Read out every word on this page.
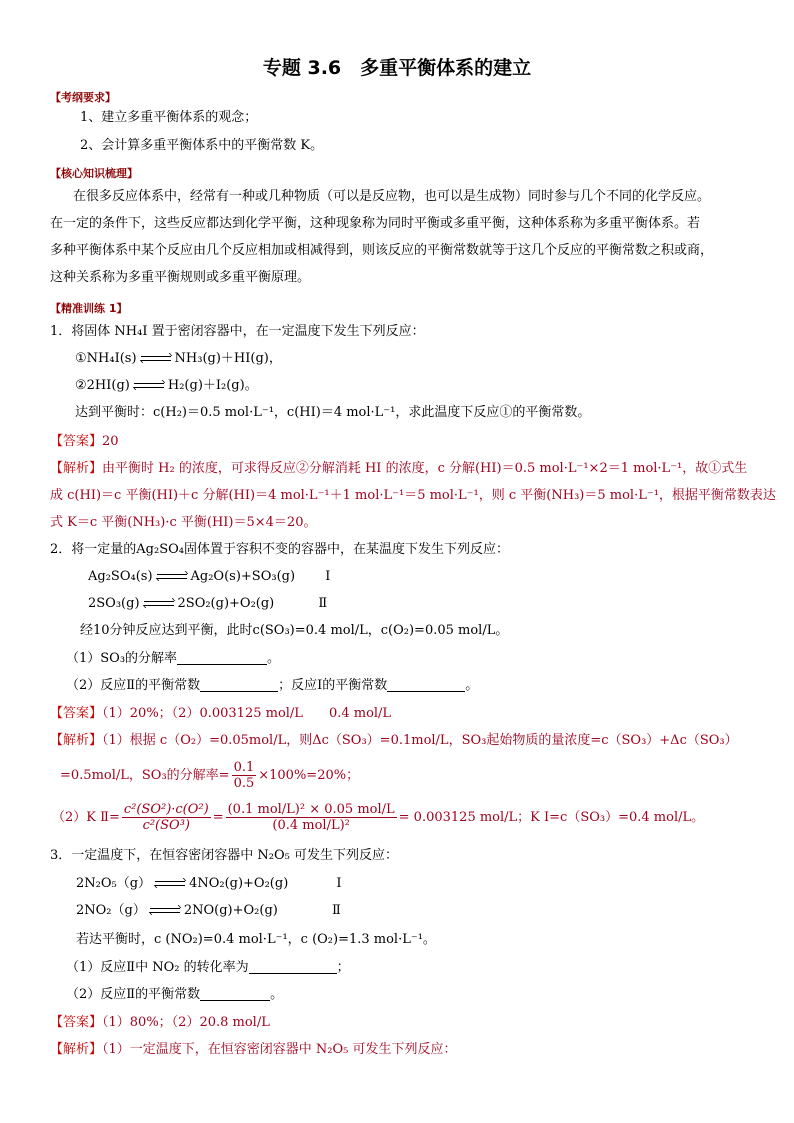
专题 3.6　多重平衡体系的建立
【考纲要求】
1、建立多重平衡体系的观念；
2、会计算多重平衡体系中的平衡常数 K。
【核心知识梳理】
在很多反应体系中，经常有一种或几种物质（可以是反应物，也可以是生成物）同时参与几个不同的化学反应。
在一定的条件下，这些反应都达到化学平衡，这种现象称为同时平衡或多重平衡，这种体系称为多重平衡体系。若
多种平衡体系中某个反应由几个反应相加或相减得到，则该反应的平衡常数就等于这几个反应的平衡常数之积或商，
这种关系称为多重平衡规则或多重平衡原理。
【精准训练 1】
1．将固体 NH₄I 置于密闭容器中，在一定温度下发生下列反应：
①NH₄I(s)	NH₃(g)＋HI(g)，
②2HI(g)	H₂(g)＋I₂(g)。
达到平衡时：c(H₂)＝0.5 mol·L⁻¹，c(HI)＝4 mol·L⁻¹，求此温度下反应①的平衡常数。
【答案】20
【解析】由平衡时 H₂ 的浓度，可求得反应②分解消耗 HI 的浓度，c 分解(HI)＝0.5 mol·L⁻¹×2＝1 mol·L⁻¹，故①式生
成 c(HI)＝c 平衡(HI)＋c 分解(HI)＝4 mol·L⁻¹＋1 mol·L⁻¹＝5 mol·L⁻¹，则 c 平衡(NH₃)＝5 mol·L⁻¹，根据平衡常数表达
式 K＝c 平衡(NH₃)·c 平衡(HI)＝5×4＝20。
2．将一定量的Ag₂SO₄固体置于容积不变的容器中，在某温度下发生下列反应：
Ag₂SO₄(s)	Ag₂O(s)+SO₃(g) Ⅰ
2SO₃(g)	2SO₂(g)+O₂(g)	Ⅱ
经10分钟反应达到平衡，此时c(SO₃)=0.4 mol/L，c(O₂)=0.05 mol/L。
（1）SO₃的分解率	。
（2）反应Ⅱ的平衡常数	；反应Ⅰ的平衡常数	。
【答案】（1）20%；（2）0.003125 mol/L　　0.4 mol/L
【解析】（1）根据 c（O₂）=0.05mol/L，则Δc（SO₃）=0.1mol/L，SO₃起始物质的量浓度=c（SO₃）+Δc（SO₃）
=0.5mol/L，SO₃的分解率= $\frac{0.1}{0.5} \times 100\%=20\%$；
（2）K Ⅱ= $\frac{\text{c²(SO²)·c(O²)}}{\text{c²(SO³)}} = \frac{\text{(0.1 mol/L)² × 0.05 mol/L}}{\text{(0.4 mol/L)²}} = 0.003125$ mol/L；K Ⅰ=c（SO₃）=0.4 mol/L。
3．一定温度下，在恒容密闭容器中 N₂O₅ 可发生下列反应：
2N₂O₅（g）	4NO₂(g)+O₂(g)	Ⅰ
2NO₂（g）	2NO(g)+O₂(g)	Ⅱ
若达平衡时，c (NO₂)=0.4 mol·L⁻¹，c (O₂)=1.3 mol·L⁻¹。
（1）反应Ⅱ中 NO₂ 的转化率为	；
（2）反应Ⅱ的平衡常数	。
【答案】（1）80%；（2）20.8 mol/L
【解析】（1）一定温度下，在恒容密闭容器中 N₂O₅ 可发生下列反应：
